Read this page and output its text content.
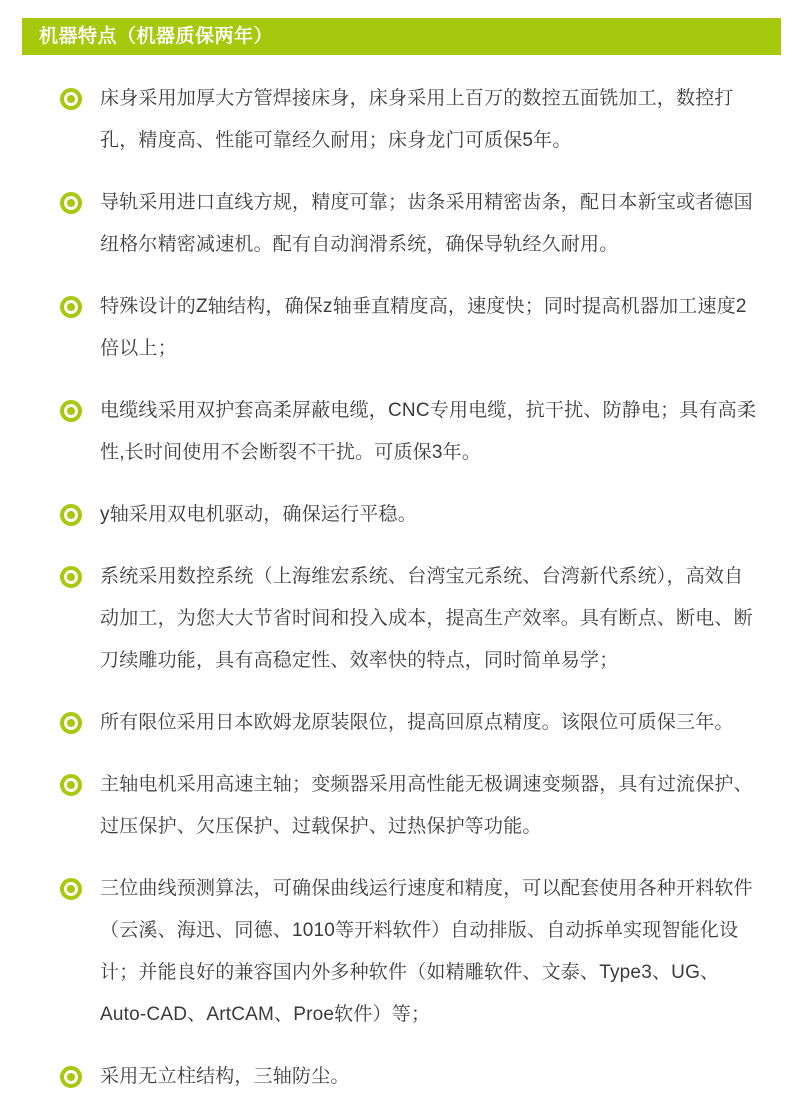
机器特点（机器质保两年）

床身采用加厚大方管焊接床身，床身采用上百万的数控五面铣加工，数控打孔，精度高、性能可靠经久耐用；床身龙门可质保5年。

导轨采用进口直线方规，精度可靠；齿条采用精密齿条，配日本新宝或者德国纽格尔精密减速机。配有自动润滑系统，确保导轨经久耐用。

特殊设计的Z轴结构，确保z轴垂直精度高，速度快；同时提高机器加工速度2倍以上；

电缆线采用双护套高柔屏蔽电缆，CNC专用电缆，抗干扰、防静电；具有高柔性,长时间使用不会断裂不干扰。可质保3年。

y轴采用双电机驱动，确保运行平稳。

系统采用数控系统（上海维宏系统、台湾宝元系统、台湾新代系统），高效自动加工，为您大大节省时间和投入成本，提高生产效率。具有断点、断电、断刀续雕功能，具有高稳定性、效率快的特点，同时简单易学；

所有限位采用日本欧姆龙原装限位，提高回原点精度。该限位可质保三年。

主轴电机采用高速主轴；变频器采用高性能无极调速变频器，具有过流保护、过压保护、欠压保护、过载保护、过热保护等功能。

三位曲线预测算法，可确保曲线运行速度和精度，可以配套使用各种开料软件（云溪、海迅、同德、1010等开料软件）自动排版、自动拆单实现智能化设计；并能良好的兼容国内外多种软件（如精雕软件、文泰、Type3、UG、Auto-CAD、ArtCAM、Proe软件）等；

采用无立柱结构，三轴防尘。
